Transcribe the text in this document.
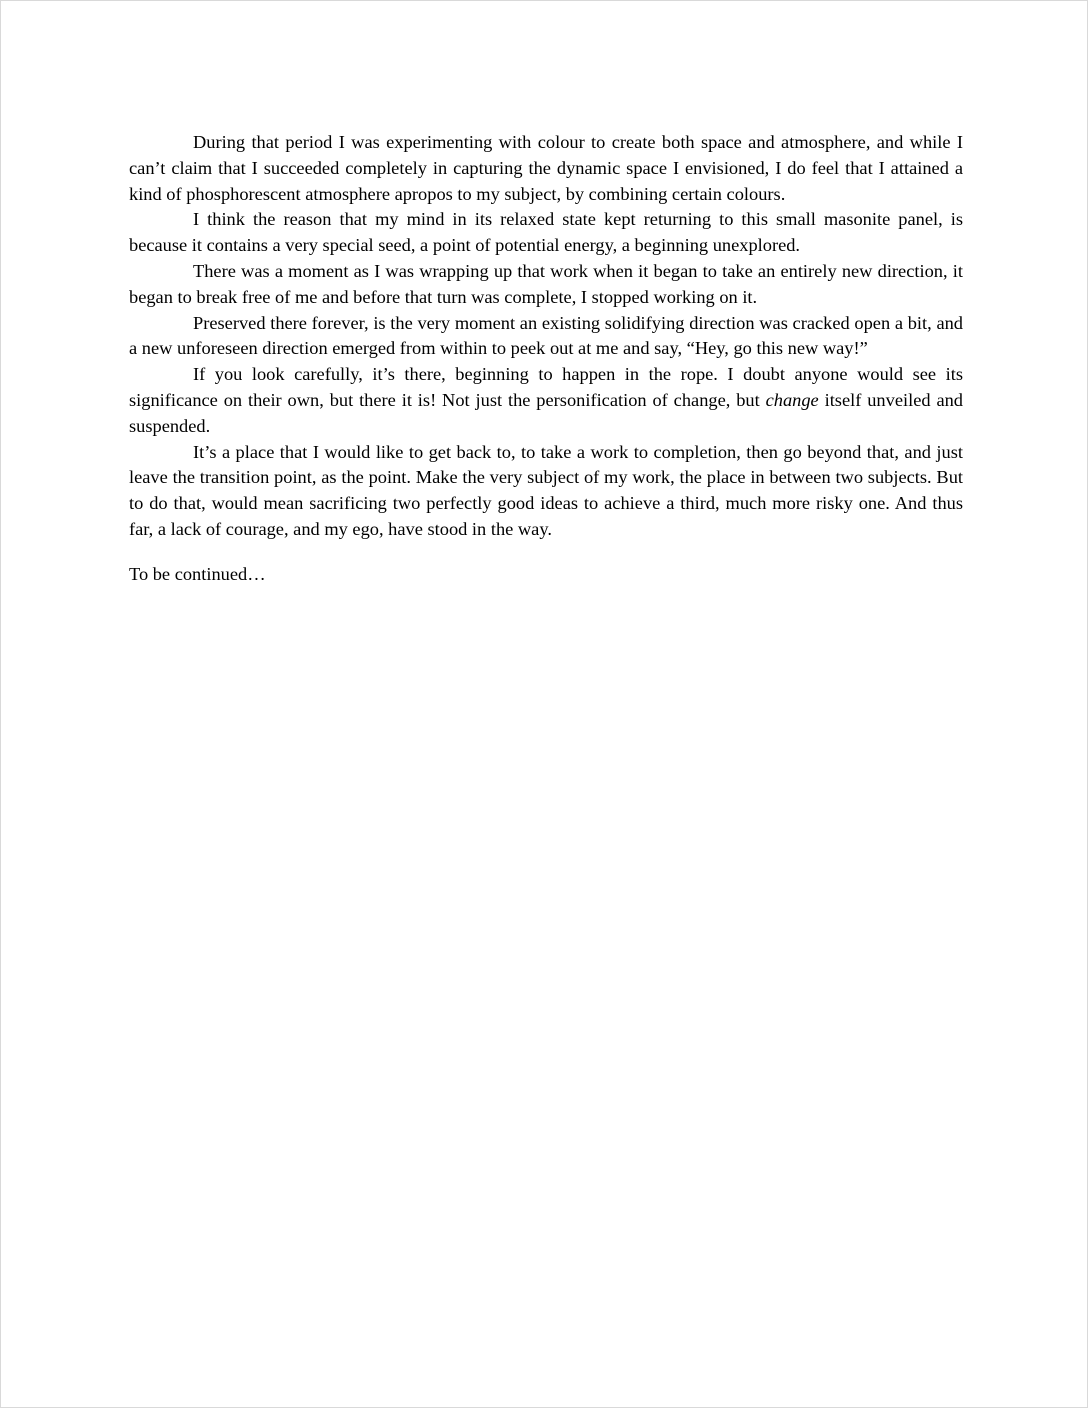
During that period I was experimenting with colour to create both space and atmosphere, and while I can’t claim that I succeeded completely in capturing the dynamic space I envisioned, I do feel that I attained a kind of phosphorescent atmosphere apropos to my subject, by combining certain colours.

I think the reason that my mind in its relaxed state kept returning to this small masonite panel, is because it contains a very special seed, a point of potential energy, a beginning unexplored.

There was a moment as I was wrapping up that work when it began to take an entirely new direction, it began to break free of me and before that turn was complete, I stopped working on it.

Preserved there forever, is the very moment an existing solidifying direction was cracked open a bit, and a new unforeseen direction emerged from within to peek out at me and say, “Hey, go this new way!”

If you look carefully, it’s there, beginning to happen in the rope. I doubt anyone would see its significance on their own, but there it is! Not just the personification of change, but change itself unveiled and suspended.

It’s a place that I would like to get back to, to take a work to completion, then go beyond that, and just leave the transition point, as the point. Make the very subject of my work, the place in between two subjects. But to do that, would mean sacrificing two perfectly good ideas to achieve a third, much more risky one. And thus far, a lack of courage, and my ego, have stood in the way.

To be continued…
